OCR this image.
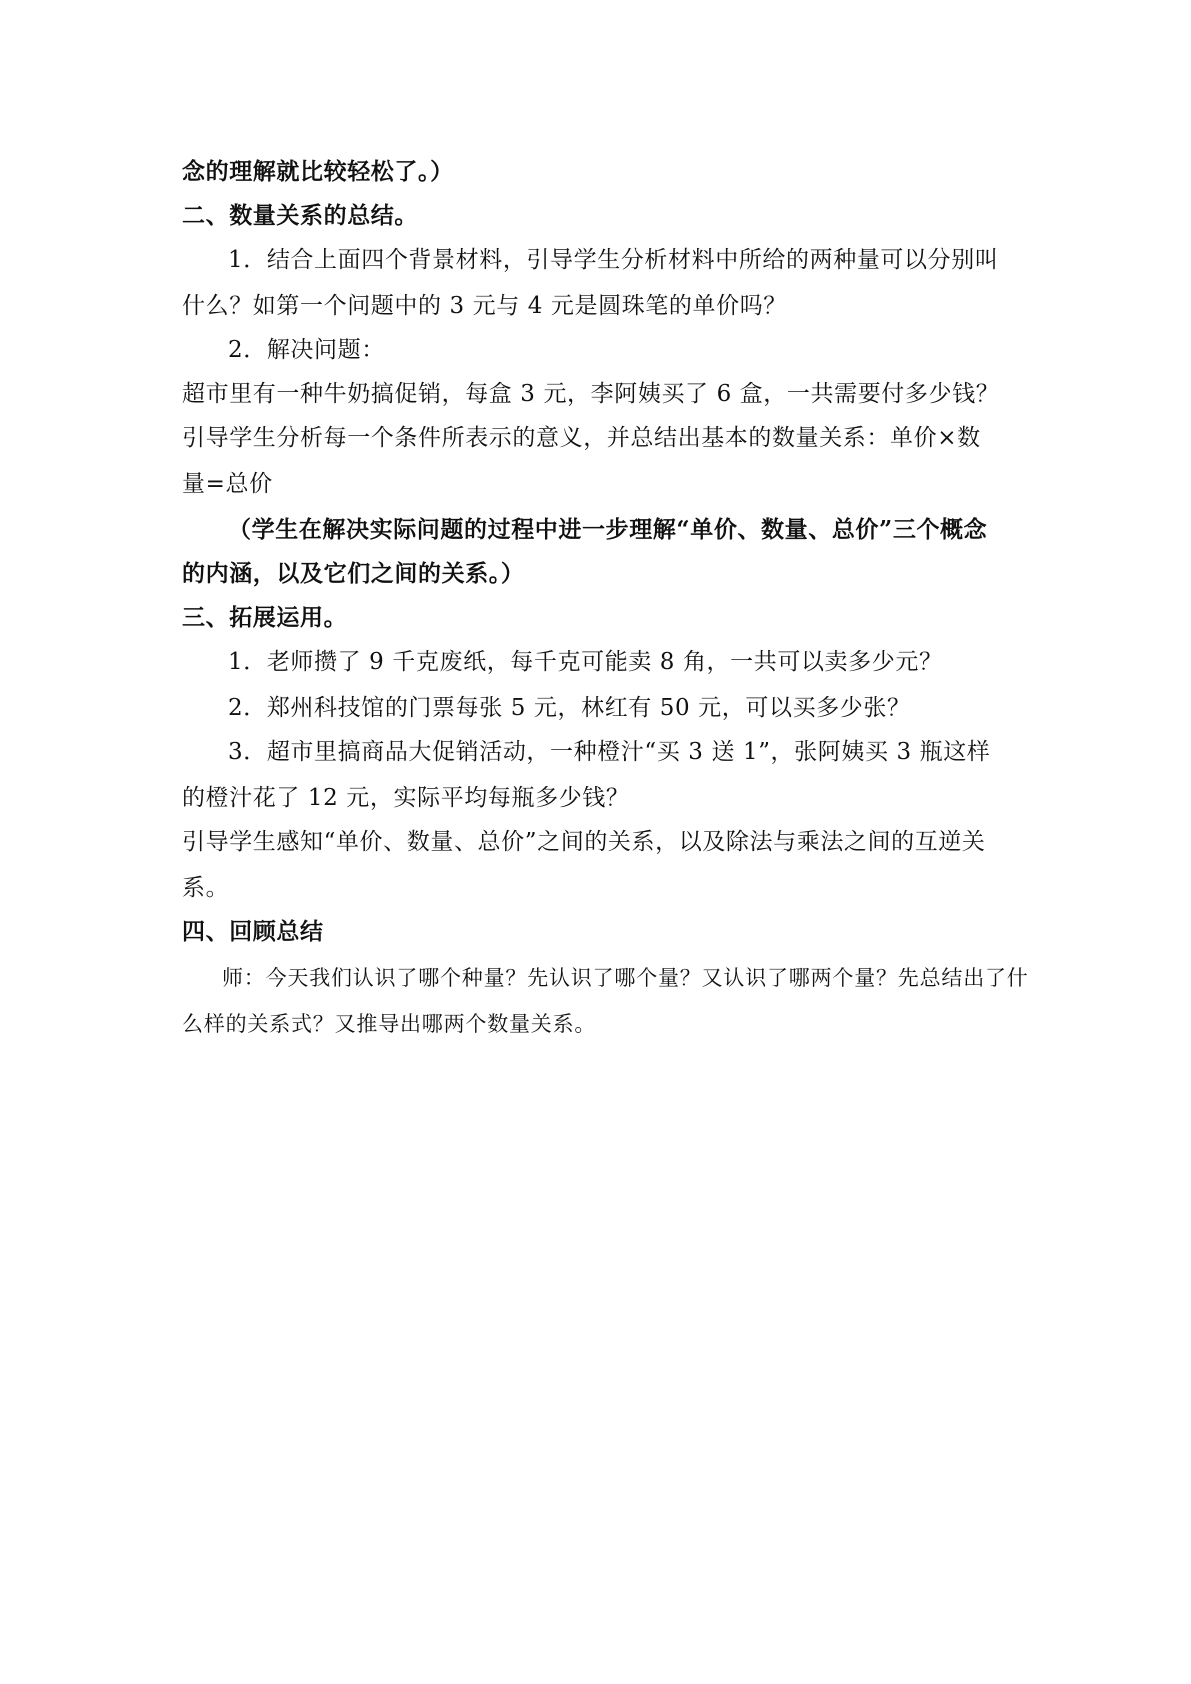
念的理解就比较轻松了。）
二、数量关系的总结。
1．结合上面四个背景材料，引导学生分析材料中所给的两种量可以分别叫
什么？如第一个问题中的 3 元与 4 元是圆珠笔的单价吗？
2．解决问题：
超市里有一种牛奶搞促销，每盒 3 元，李阿姨买了 6 盒，一共需要付多少钱？
引导学生分析每一个条件所表示的意义，并总结出基本的数量关系：单价×数
量=总价
（学生在解决实际问题的过程中进一步理解“单价、数量、总价”三个概念
的内涵，以及它们之间的关系。）
三、拓展运用。
1．老师攒了 9 千克废纸，每千克可能卖 8 角，一共可以卖多少元？
2．郑州科技馆的门票每张 5 元，林红有 50 元，可以买多少张？
3．超市里搞商品大促销活动，一种橙汁“买 3 送 1”，张阿姨买 3 瓶这样
的橙汁花了 12 元，实际平均每瓶多少钱？
引导学生感知“单价、数量、总价”之间的关系，以及除法与乘法之间的互逆关
系。
四、回顾总结
师：今天我们认识了哪个种量？先认识了哪个量？又认识了哪两个量？先总结出了什
么样的关系式？又推导出哪两个数量关系。
